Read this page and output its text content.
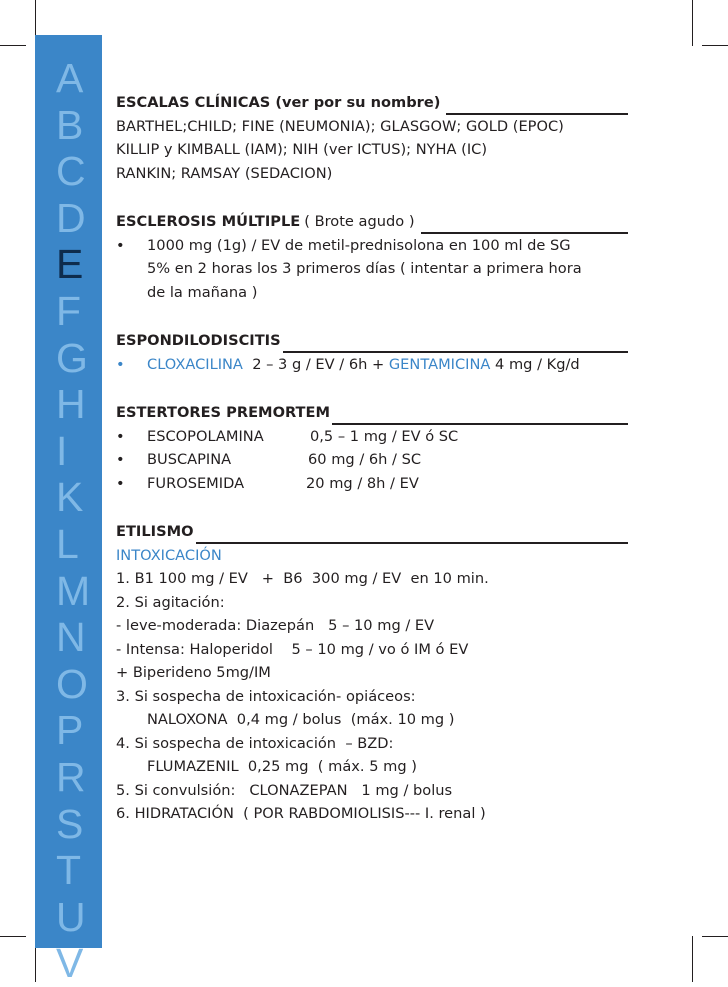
A
B
C
D
E
F
G
H
I
K
L
M
N
O
P
R
S
T
U
V
ESCALAS CLÍNICAS (ver por su nombre)
BARTHEL;CHILD; FINE (NEUMONIA); GLASGOW; GOLD (EPOC)
KILLIP y KIMBALL (IAM); NIH (ver ICTUS); NYHA (IC)
RANKIN; RAMSAY (SEDACION)
ESCLEROSIS MÚLTIPLE ( Brote agudo )
•	1000 mg (1g) / EV de metil-prednisolona en 100 ml de SG
5% en 2 horas los 3 primeros días ( intentar a primera hora
de la mañana )
ESPONDILODISCITIS
•	CLOXACILINA 2 – 3 g / EV / 6h + GENTAMICINA 4 mg / Kg/d
ESTERTORES PREMORTEM
•	ESCOPOLAMINA	0,5 – 1 mg / EV ó SC
•	BUSCAPINA	60 mg / 6h / SC
•	FUROSEMIDA	20 mg / 8h / EV
ETILISMO
INTOXICACIÓN
1. B1 100 mg / EV   +  B6  300 mg / EV  en 10 min.
2. Si agitación:
- leve-moderada: Diazepán   5 – 10 mg / EV
- Intensa: Haloperidol    5 – 10 mg / vo ó IM ó EV
+ Biperideno 5mg/IM
3. Si sospecha de intoxicación- opiáceos:
NALOXONA  0,4 mg / bolus  (máx. 10 mg )
4. Si sospecha de intoxicación  – BZD:
FLUMAZENIL  0,25 mg  ( máx. 5 mg )
5. Si convulsión:   CLONAZEPAN   1 mg / bolus
6. HIDRATACIÓN  ( POR RABDOMIOLISIS--- I. renal )
